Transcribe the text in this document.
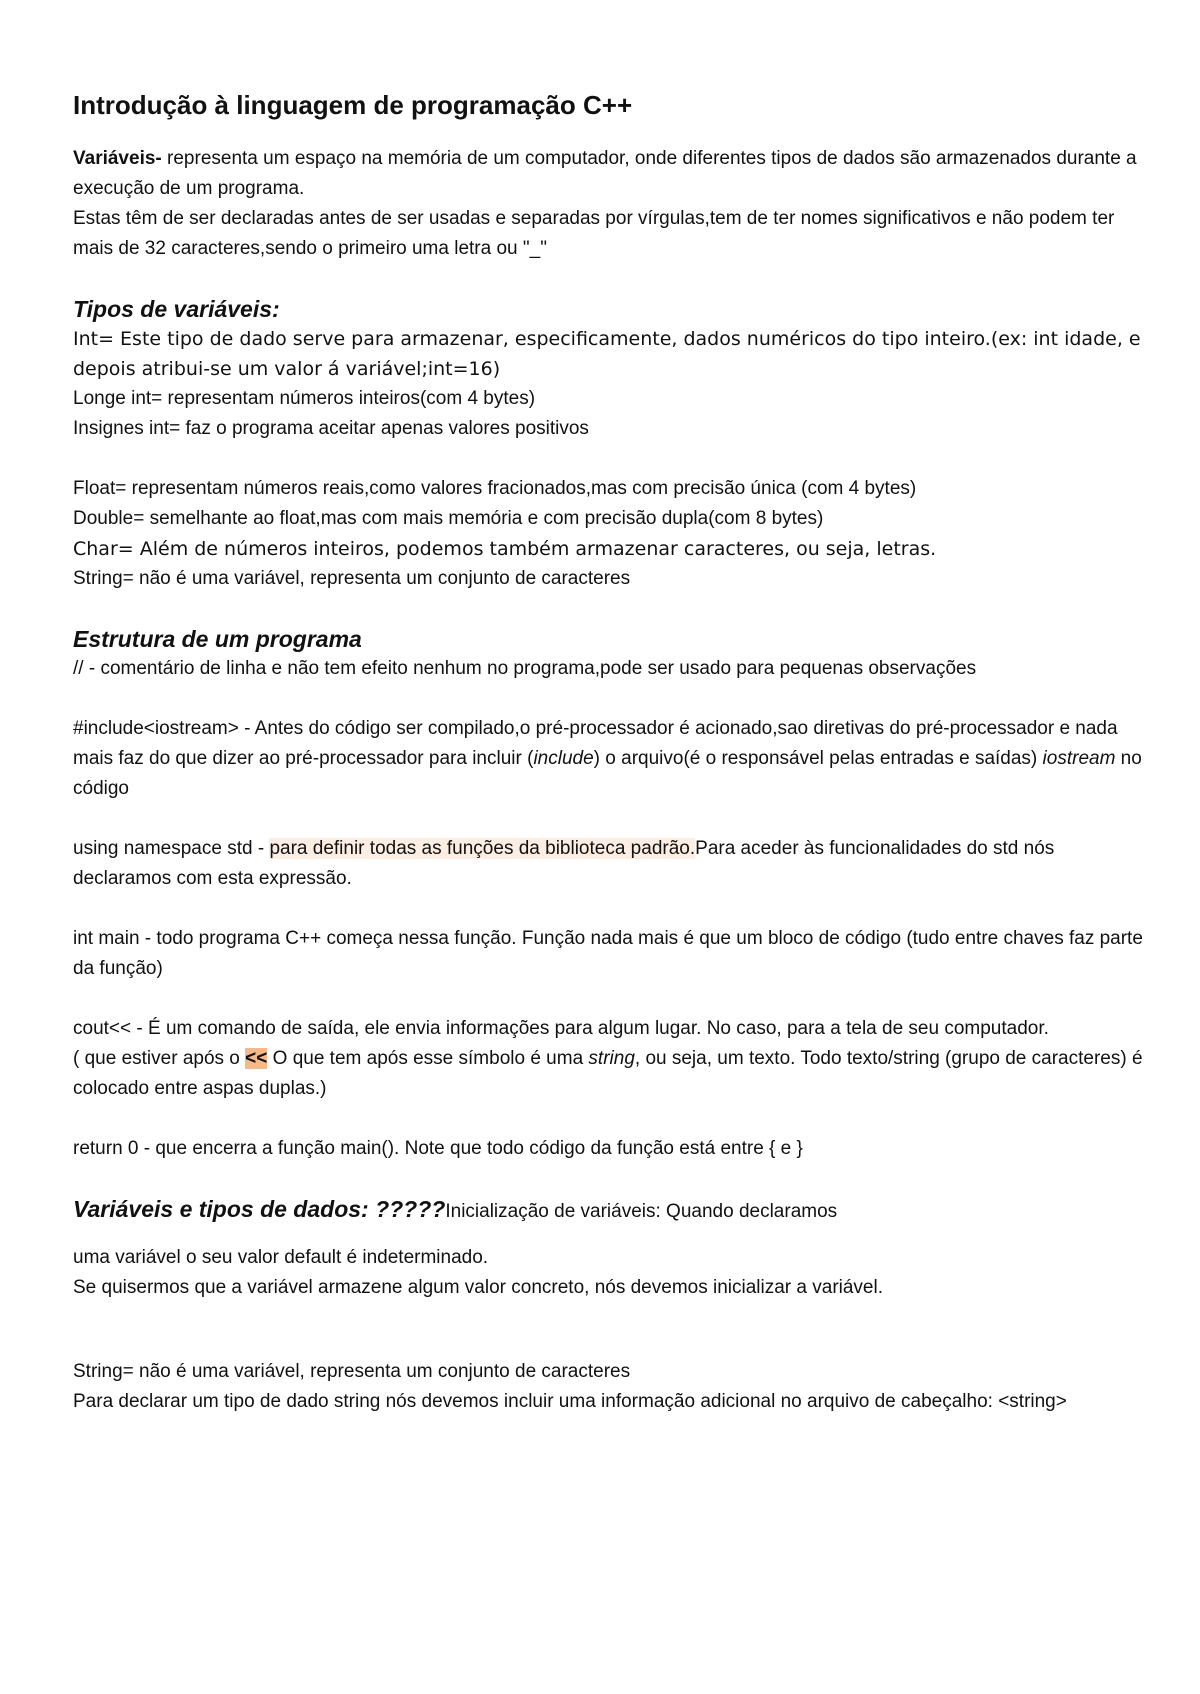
Introdução à linguagem de programação C++

Variáveis- representa um espaço na memória de um computador, onde diferentes tipos de dados são armazenados durante a execução de um programa.

Estas têm de ser declaradas antes de ser usadas e separadas por vírgulas,tem de ter nomes significativos e não podem ter mais de 32 caracteres,sendo o primeiro uma letra ou "_"

Tipos de variáveis:

Int= Este tipo de dado serve para armazenar, especificamente, dados numéricos do tipo inteiro.(ex: int idade, e depois atribui-se um valor á variável;int=16)

Longe int= representam números inteiros(com 4 bytes)

Insignes int= faz o programa aceitar apenas valores positivos

Float= representam números reais,como valores fracionados,mas com precisão única (com 4 bytes)

Double= semelhante ao float,mas com mais memória e com precisão dupla(com 8 bytes)

Char= Além de números inteiros, podemos também armazenar caracteres, ou seja, letras.

String= não é uma variável, representa um conjunto de caracteres

Estrutura de um programa

// - comentário de linha e não tem efeito nenhum no programa,pode ser usado para pequenas observações

#include<iostream> - Antes do código ser compilado,o pré-processador é acionado,sao diretivas do pré-processador e nada mais faz do que dizer ao pré-processador para incluir (include) o arquivo(é o responsável pelas entradas e saídas) iostream no código

using namespace std - para definir todas as funções da biblioteca padrão.Para aceder às funcionalidades do std nós declaramos com esta expressão.

int main - todo programa C++ começa nessa função. Função nada mais é que um bloco de código (tudo entre chaves faz parte da função)

cout<< - É um comando de saída, ele envia informações para algum lugar. No caso, para a tela de seu computador.

( que estiver após o << O que tem após esse símbolo é uma string, ou seja, um texto. Todo texto/string (grupo de caracteres) é colocado entre aspas duplas.)

return 0 - que encerra a função main(). Note que todo código da função está entre { e }

Variáveis e tipos de dados: ?????Inicialização de variáveis: Quando declaramos

uma variável o seu valor default é indeterminado.

Se quisermos que a variável armazene algum valor concreto, nós devemos inicializar a variável.

String= não é uma variável, representa um conjunto de caracteres

Para declarar um tipo de dado string nós devemos incluir uma informação adicional no arquivo de cabeçalho: <string>
